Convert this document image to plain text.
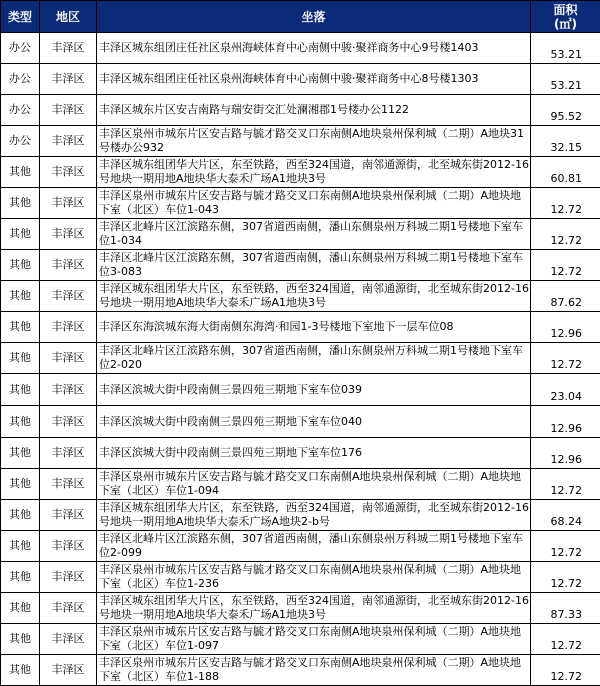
类型	地区	坐落	面积
(㎡)
办公	丰泽区	丰泽区城东组团庄任社区泉州海峡体育中心南侧中骏·聚祥商务中心9号楼1403	53.21
办公	丰泽区	丰泽区城东组团庄任社区泉州海峡体育中心南侧中骏·聚祥商务中心8号楼1303	53.21
办公	丰泽区	丰泽区城东片区安吉南路与瑞安街交汇处澜湘郡1号楼办公1122	95.52
办公	丰泽区	丰泽区泉州市城东片区安吉路与毓才路交叉口东南侧A地块泉州保利城（二期）A地块31号楼办公932	32.15
其他	丰泽区	丰泽区城东组团华大片区，东至铁路，西至324国道，南邻通源街，北至城东街2012-16号地块一期用地A地块华大泰禾广场A1地块3号	60.81
其他	丰泽区	丰泽区泉州市城东片区安吉路与毓才路交叉口东南侧A地块泉州保利城（二期）A地块地下室（北区）车位1-043	12.72
其他	丰泽区	丰泽区北峰片区江滨路东侧，307省道西南侧，潘山东侧泉州万科城二期1号楼地下室车位1-034	12.72
其他	丰泽区	丰泽区北峰片区江滨路东侧，307省道西南侧，潘山东侧泉州万科城二期1号楼地下室车位3-083	12.72
其他	丰泽区	丰泽区城东组团华大片区，东至铁路，西至324国道，南邻通源街，北至城东街2012-16号地块一期用地A地块华大泰禾广场A1地块3号	87.62
其他	丰泽区	丰泽区东海滨城东海大街南侧东海湾·和园1-3号楼地下室地下一层车位08	12.96
其他	丰泽区	丰泽区北峰片区江滨路东侧，307省道西南侧，潘山东侧泉州万科城二期1号楼地下室车位2-020	12.72
其他	丰泽区	丰泽区滨城大街中段南侧三景四苑三期地下室车位039	23.04
其他	丰泽区	丰泽区滨城大街中段南侧三景四苑三期地下室车位040	12.96
其他	丰泽区	丰泽区滨城大街中段南侧三景四苑三期地下室车位176	12.96
其他	丰泽区	丰泽区泉州市城东片区安吉路与毓才路交叉口东南侧A地块泉州保利城（二期）A地块地下室（北区）车位1-094	12.72
其他	丰泽区	丰泽区城东组团华大片区，东至铁路，西至324国道，南邻通源街，北至城东街2012-16号地块一期用地A地块华大泰禾广场A地块2-b号	68.24
其他	丰泽区	丰泽区北峰片区江滨路东侧，307省道西南侧，潘山东侧泉州万科城二期1号楼地下室车位2-099	12.72
其他	丰泽区	丰泽区泉州市城东片区安吉路与毓才路交叉口东南侧A地块泉州保利城（二期）A地块地下室（北区）车位1-236	12.72
其他	丰泽区	丰泽区城东组团华大片区，东至铁路，西至324国道，南邻通源街，北至城东街2012-16号地块一期用地A地块华大泰禾广场A1地块3号	87.33
其他	丰泽区	丰泽区泉州市城东片区安吉路与毓才路交叉口东南侧A地块泉州保利城（二期）A地块地下室（北区）车位1-097	12.72
其他	丰泽区	丰泽区泉州市城东片区安吉路与毓才路交叉口东南侧A地块泉州保利城（二期）A地块地下室（北区）车位1-188	12.72
